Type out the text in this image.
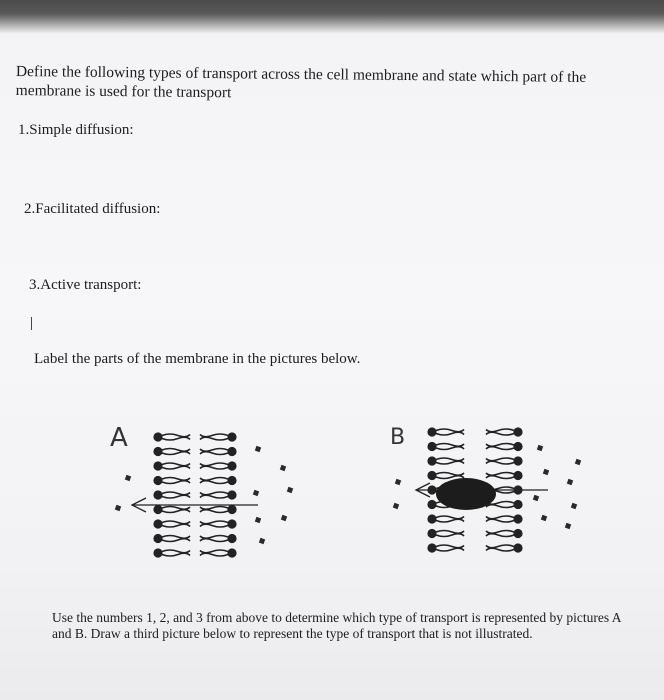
Define the following types of transport across the cell membrane and state which part of the membrane is used for the transport
1.Simple diffusion:
2.Facilitated diffusion:
3.Active transport:
Label the parts of the membrane in the pictures below.
A	B
Use the numbers 1, 2, and 3 from above to determine which type of transport is represented by pictures A and B. Draw a third picture below to represent the type of transport that is not illustrated.
